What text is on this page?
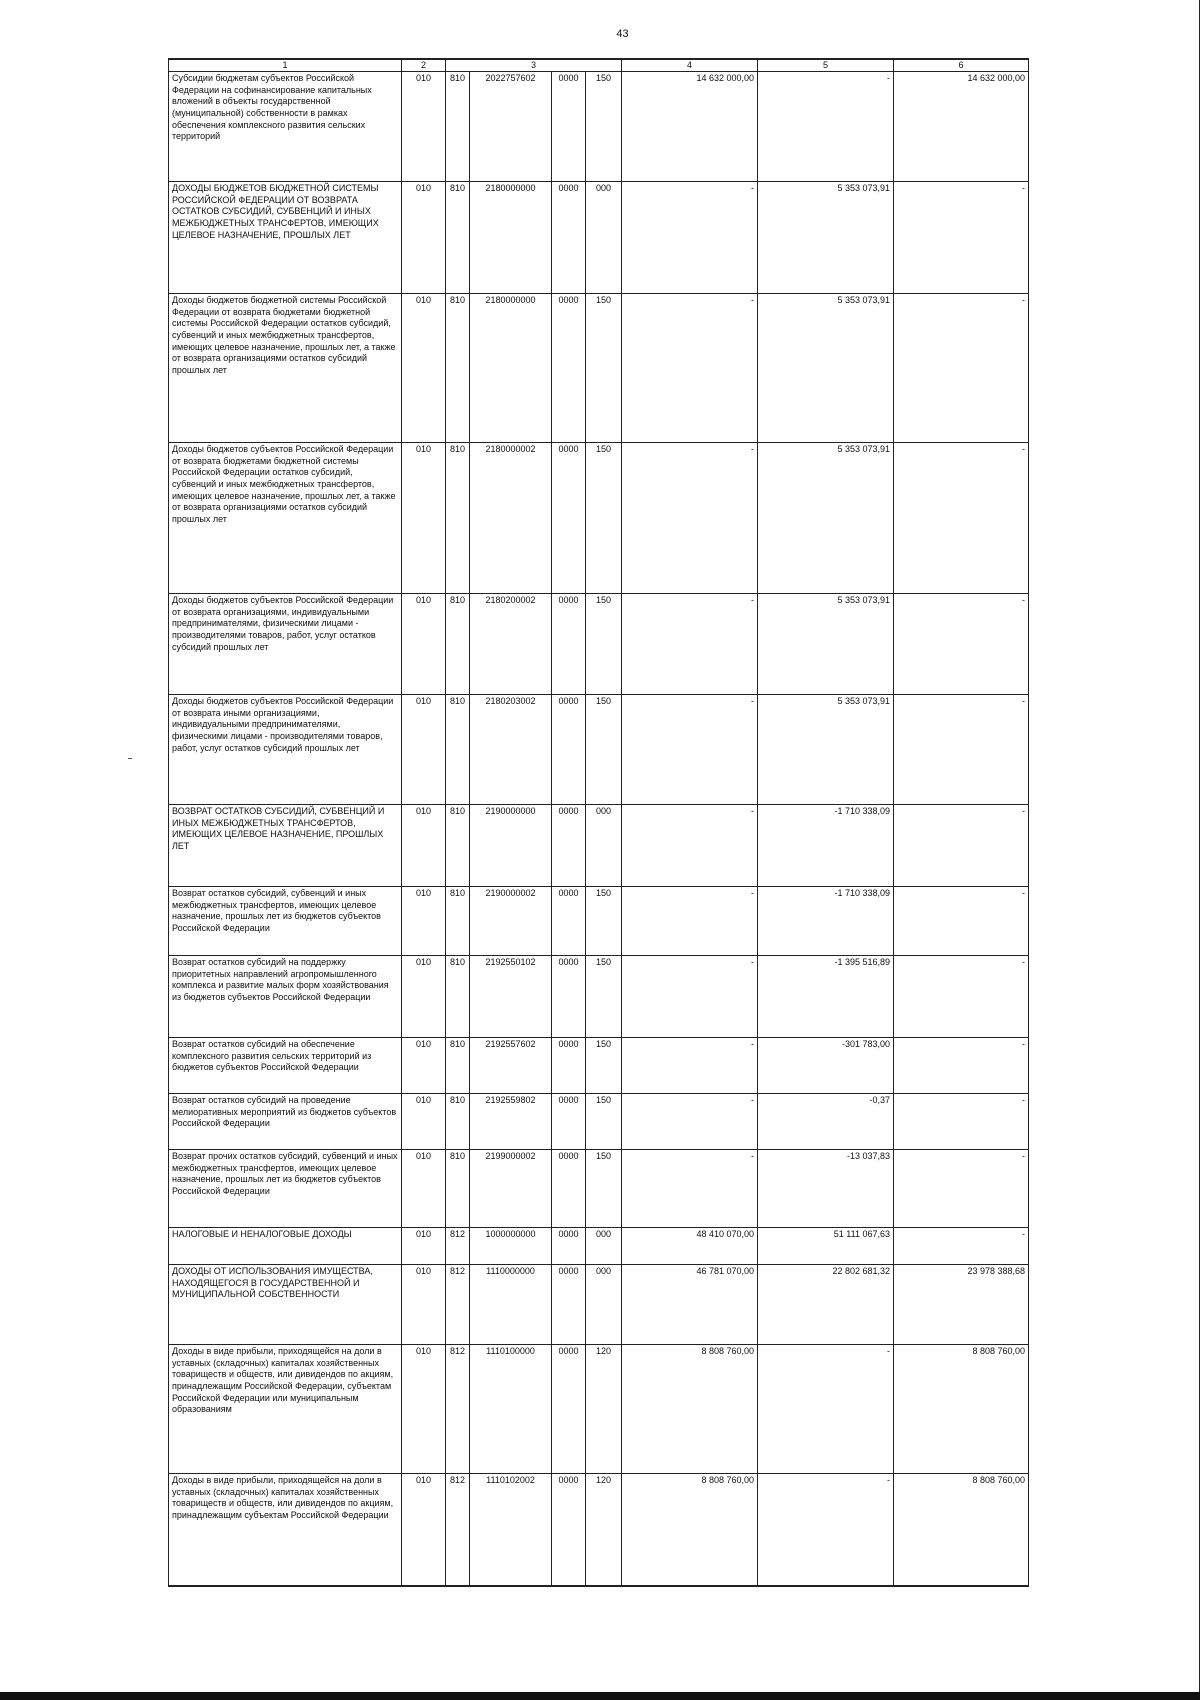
43
1	2	3				4	5	6
Субсидии бюджетам субъектов Российской Федерации на софинансирование капитальных вложений в объекты государственной (муниципальной) собственности в рамках обеспечения комплексного развития сельских территорий	010	810	2022757602	0000	150	14 632 000,00	-	14 632 000,00
ДОХОДЫ БЮДЖЕТОВ БЮДЖЕТНОЙ СИСТЕМЫ РОССИЙСКОЙ ФЕДЕРАЦИИ ОТ ВОЗВРАТА ОСТАТКОВ СУБСИДИЙ, СУБВЕНЦИЙ И ИНЫХ МЕЖБЮДЖЕТНЫХ ТРАНСФЕРТОВ, ИМЕЮЩИХ ЦЕЛЕВОЕ НАЗНАЧЕНИЕ, ПРОШЛЫХ ЛЕТ	010	810	2180000000	0000	000	-	5 353 073,91	-
Доходы бюджетов бюджетной системы Российской Федерации от возврата бюджетами бюджетной системы Российской Федерации остатков субсидий, субвенций и иных межбюджетных трансфертов, имеющих целевое назначение, прошлых лет, а также от возврата организациями остатков субсидий прошлых лет	010	810	2180000000	0000	150	-	5 353 073,91	-
Доходы бюджетов субъектов Российской Федерации от возврата бюджетами бюджетной системы Российской Федерации остатков субсидий, субвенций и иных межбюджетных трансфертов, имеющих целевое назначение, прошлых лет, а также от возврата организациями остатков субсидий прошлых лет	010	810	2180000002	0000	150	-	5 353 073,91	-
Доходы бюджетов субъектов Российской Федерации от возврата организациями, индивидуальными предпринимателями, физическими лицами - производителями товаров, работ, услуг остатков субсидий прошлых лет	010	810	2180200002	0000	150	-	5 353 073,91	-
Доходы бюджетов субъектов Российской Федерации от возврата иными организациями, индивидуальными предпринимателями, физическими лицами - производителями товаров, работ, услуг остатков субсидий прошлых лет	010	810	2180203002	0000	150	-	5 353 073,91	-
ВОЗВРАТ ОСТАТКОВ СУБСИДИЙ, СУБВЕНЦИЙ И ИНЫХ МЕЖБЮДЖЕТНЫХ ТРАНСФЕРТОВ, ИМЕЮЩИХ ЦЕЛЕВОЕ НАЗНАЧЕНИЕ, ПРОШЛЫХ ЛЕТ	010	810	2190000000	0000	000	-	-1 710 338,09	-
Возврат остатков субсидий, субвенций и иных межбюджетных трансфертов, имеющих целевое назначение, прошлых лет из бюджетов субъектов Российской Федерации	010	810	2190000002	0000	150	-	-1 710 338,09	-
Возврат остатков субсидий на поддержку приоритетных направлений агропромышленного комплекса и развитие малых форм хозяйствования из бюджетов субъектов Российской Федерации	010	810	2192550102	0000	150	-	-1 395 516,89	-
Возврат остатков субсидий на обеспечение комплексного развития сельских территорий из бюджетов субъектов Российской Федерации	010	810	2192557602	0000	150	-	-301 783,00	-
Возврат остатков субсидий на проведение мелиоративных мероприятий из бюджетов субъектов Российской Федерации	010	810	2192559802	0000	150	-	-0,37	-
Возврат прочих остатков субсидий, субвенций и иных межбюджетных трансфертов, имеющих целевое назначение, прошлых лет из бюджетов субъектов Российской Федерации	010	810	2199000002	0000	150	-	-13 037,83	-
НАЛОГОВЫЕ И НЕНАЛОГОВЫЕ ДОХОДЫ	010	812	1000000000	0000	000	48 410 070,00	51 111 067,63	-
ДОХОДЫ ОТ ИСПОЛЬЗОВАНИЯ ИМУЩЕСТВА, НАХОДЯЩЕГОСЯ В ГОСУДАРСТВЕННОЙ И МУНИЦИПАЛЬНОЙ СОБСТВЕННОСТИ	010	812	1110000000	0000	000	46 781 070,00	22 802 681,32	23 978 388,68
Доходы в виде прибыли, приходящейся на доли в уставных (складочных) капиталах хозяйственных товариществ и обществ, или дивидендов по акциям, принадлежащим Российской Федерации, субъектам Российской Федерации или муниципальным образованиям	010	812	1110100000	0000	120	8 808 760,00	-	8 808 760,00
Доходы в виде прибыли, приходящейся на доли в уставных (складочных) капиталах хозяйственных товариществ и обществ, или дивидендов по акциям, принадлежащим субъектам Российской Федерации	010	812	1110102002	0000	120	8 808 760,00	-	8 808 760,00
